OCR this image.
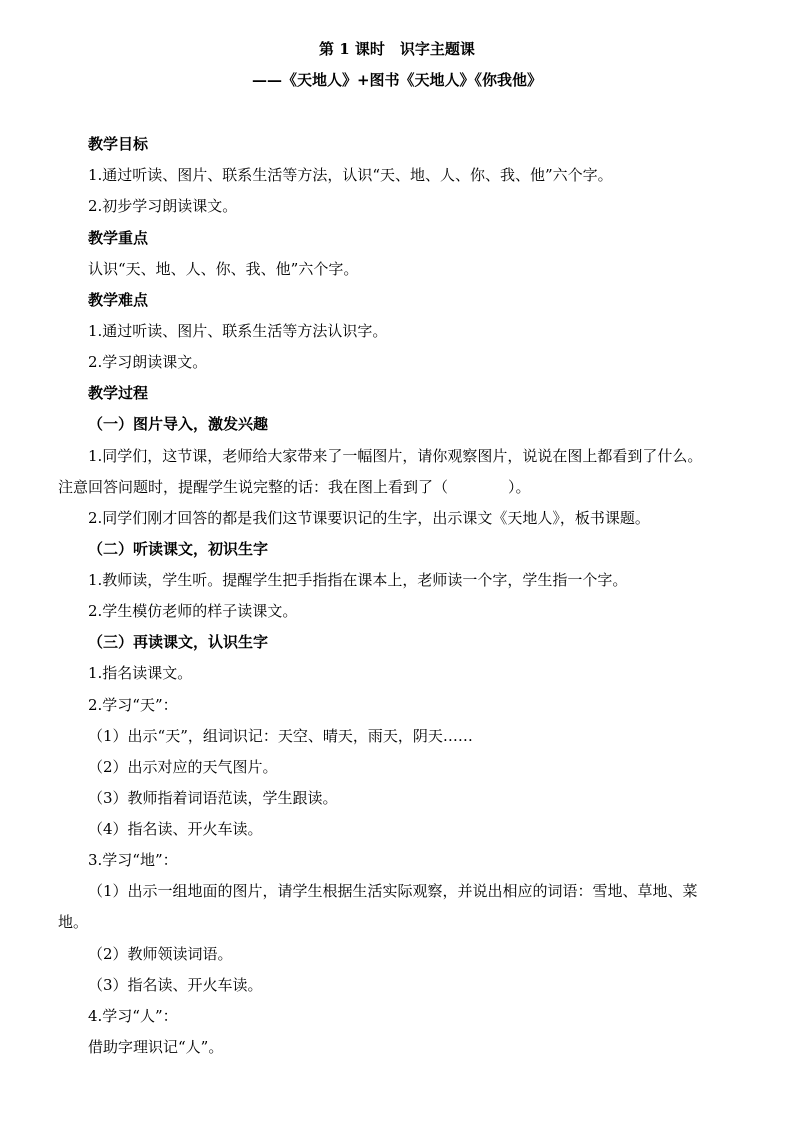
第 1 课时　识字主题课
——《天地人》+图书《天地人》《你我他》
教学目标
1.通过听读、图片、联系生活等方法，认识“天、地、人、你、我、他”六个字。
2.初步学习朗读课文。
教学重点
认识“天、地、人、你、我、他”六个字。
教学难点
1.通过听读、图片、联系生活等方法认识字。
2.学习朗读课文。
教学过程
（一）图片导入，激发兴趣
1.同学们，这节课，老师给大家带来了一幅图片，请你观察图片，说说在图上都看到了什么。
注意回答问题时，提醒学生说完整的话：我在图上看到了（　　　　）。
2.同学们刚才回答的都是我们这节课要识记的生字，出示课文《天地人》，板书课题。
（二）听读课文，初识生字
1.教师读，学生听。提醒学生把手指指在课本上，老师读一个字，学生指一个字。
2.学生模仿老师的样子读课文。
（三）再读课文，认识生字
1.指名读课文。
2.学习“天”：
（1）出示“天”，组词识记：天空、晴天，雨天，阴天……
（2）出示对应的天气图片。
（3）教师指着词语范读，学生跟读。
（4）指名读、开火车读。
3.学习“地”：
（1）出示一组地面的图片，请学生根据生活实际观察，并说出相应的词语：雪地、草地、菜
地。
（2）教师领读词语。
（3）指名读、开火车读。
4.学习“人”：
借助字理识记“人”。
